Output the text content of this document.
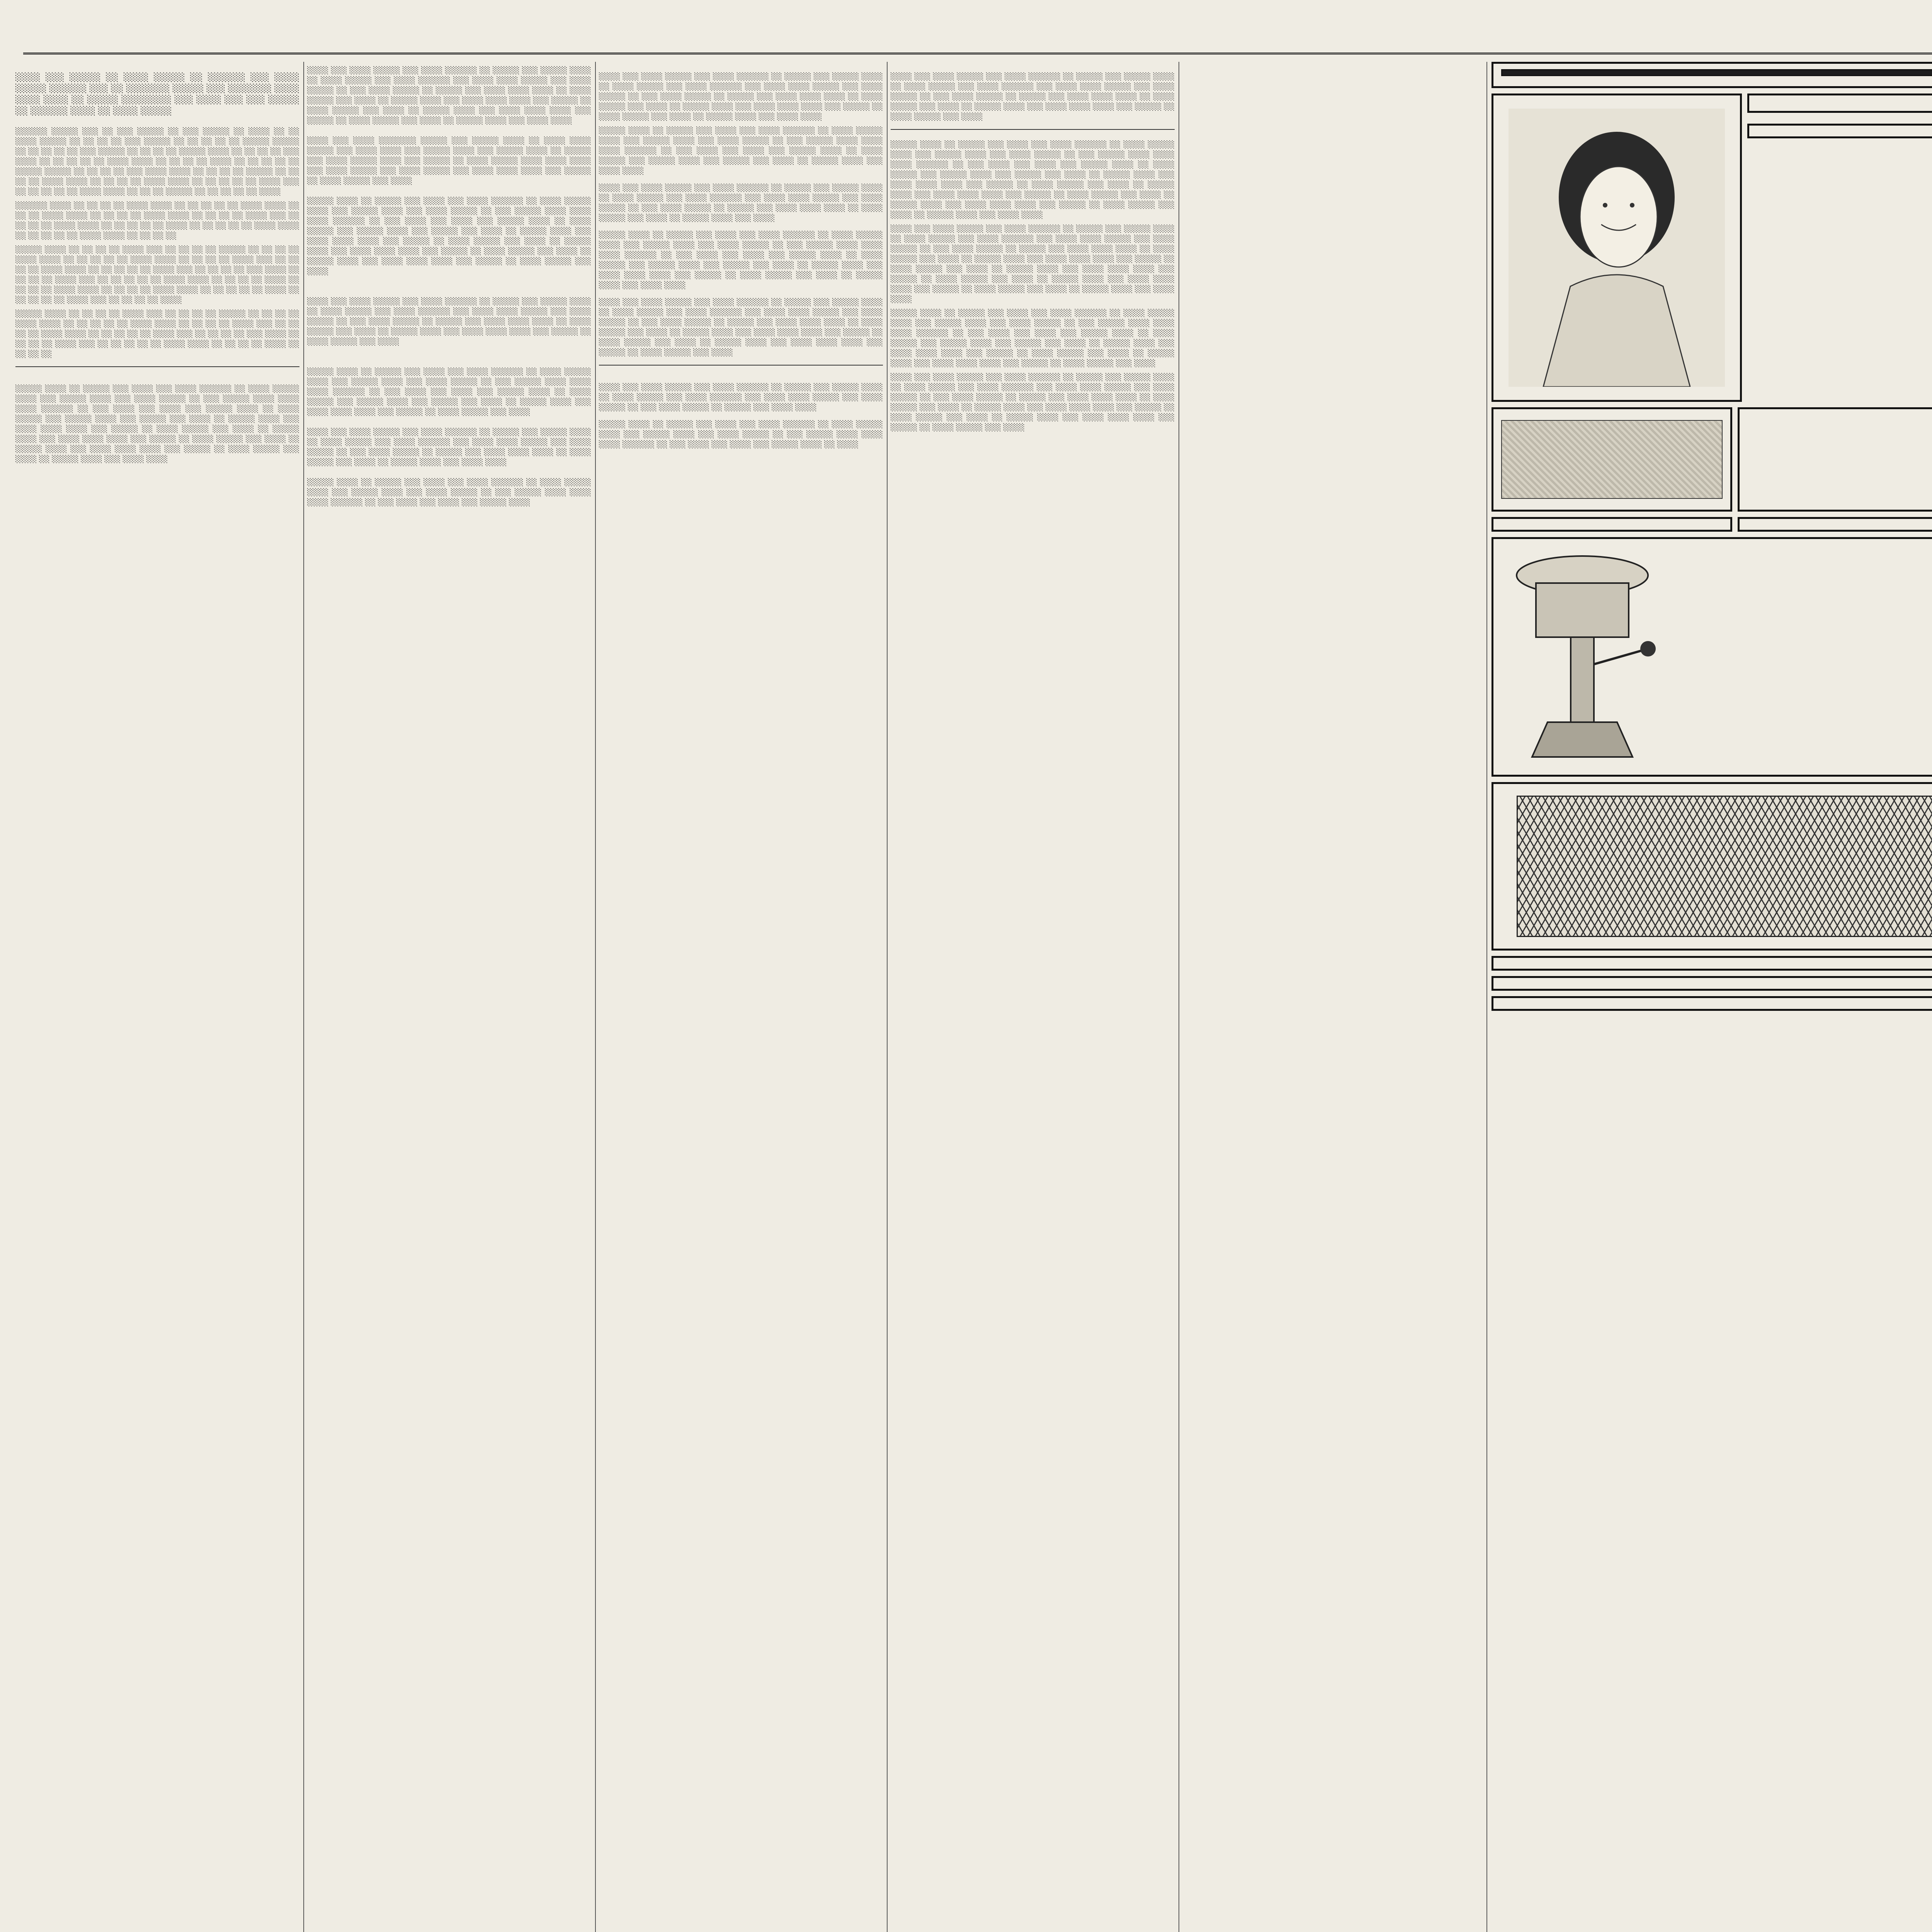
░░░░ ░░░ ░░░░░ ░░ ░░░░ ░░░░░ ░░ ░░░░░░ ░░░ ░░░░ ░░░░░ ░░░░░░ ░░░ ░░ ░░░░░░░ ░░░░░ ░░░ ░░░░░░░ ░░░░ ░░░░ ░░░░ ░░ ░░░░░ ░░░░░░░░ ░░░ ░░░░ ░░░ ░░░ ░░░░░ ░░ ░░░░░░ ░░░░ ░░ ░░░░ ░░░░░

░░░░░░ ░░░░░ ░░░ ░░ ░░░ ░░░░░ ░░ ░░░ ░░░░░ ░░ ░░░░ ░░ ░░ ░░░░ ░░░░░ ░░ ░░ ░░ ░░ ░░░ ░░░░░ ░░ ░░ ░░ ░░ ░░ ░░░░░ ░░░░░ ░░ ░░ ░░ ░░ ░░ ░░░ ░░░░░ ░░ ░░ ░░ ░░ ░░░░░ ░░░░ ░░ ░░ ░░ ░░ ░░░ ░░░░ ░░ ░░ ░░ ░░ ░░ ░░░░ ░░░░ ░░ ░░ ░░ ░░ ░░░░ ░░ ░░ ░░ ░░ ░░ ░░░░░ ░░░░░ ░░ ░░ ░░ ░░ ░░░ ░░░░ ░░░░ ░░ ░░ ░░ ░░ ░░░░░ ░░ ░░ ░░ ░░ ░░░░ ░░░░ ░░ ░░ ░░ ░░ ░░░░ ░░░░ ░░ ░░ ░░ ░░ ░░ ░░░░ ░░░ ░░ ░░ ░░ ░░ ░░ ░░░░ ░░░░ ░░ ░░ ░░ ░░░░░ ░░ ░░ ░░ ░░ ░░ ░░░░

░░░░░░ ░░░░ ░░ ░░ ░░ ░░ ░░░░ ░░░░ ░░ ░░ ░░ ░░ ░░ ░░░░ ░░░░ ░░ ░░ ░░ ░░░░ ░░░░ ░░ ░░ ░░ ░░ ░░░░ ░░░░ ░░ ░░ ░░ ░░ ░░░░ ░░░ ░░ ░░ ░░ ░░ ░░░░ ░░░░ ░░ ░░ ░░ ░░ ░░ ░░░░ ░░ ░░ ░░ ░░ ░░ ░░░░ ░░░░ ░░ ░░ ░░ ░░ ░░ ░░░░ ░░░░ ░░ ░░ ░░ ░░

░░░░░ ░░░░ ░░ ░░ ░░ ░░ ░░░░ ░░░ ░░ ░░ ░░ ░░ ░░░░░ ░░ ░░ ░░ ░░ ░░░░ ░░░░ ░░ ░░ ░░ ░░ ░░ ░░░░ ░░░░ ░░ ░░ ░░ ░░ ░░░░ ░░░ ░░ ░░ ░░ ░░ ░░░░ ░░░░ ░░ ░░ ░░ ░░ ░░ ░░░░ ░░░ ░░ ░░ ░░ ░░ ░░░ ░░░░ ░░ ░░ ░░ ░░ ░░░░ ░░░ ░░ ░░ ░░ ░░ ░░ ░░░░ ░░░░ ░░ ░░ ░░ ░░ ░░░░ ░░ ░░ ░░ ░░ ░░░░ ░░░░ ░░ ░░ ░░ ░░ ░░░░ ░░░░ ░░ ░░ ░░ ░░ ░░ ░░░░ ░░ ░░ ░░ ░░ ░░ ░░░░ ░░░ ░░ ░░ ░░ ░░ ░░░░

░░░░░ ░░░░ ░░ ░░ ░░ ░░ ░░░░ ░░░ ░░ ░░ ░░ ░░ ░░░░░ ░░ ░░ ░░ ░░ ░░░░ ░░░░ ░░ ░░ ░░ ░░ ░░ ░░░░ ░░░░ ░░ ░░ ░░ ░░ ░░░░ ░░░ ░░ ░░ ░░ ░░ ░░░░ ░░░░ ░░ ░░ ░░ ░░ ░░ ░░░░ ░░░ ░░ ░░ ░░ ░░ ░░░ ░░░░ ░░ ░░ ░░ ░░ ░░░░ ░░░ ░░ ░░ ░░ ░░ ░░ ░░░░ ░░░░ ░░ ░░ ░░ ░░ ░░░░ ░░ ░░ ░░ ░░

░░░░░ ░░░░ ░░ ░░░░░ ░░░ ░░░░ ░░░ ░░░░ ░░░░░░ ░░ ░░░░ ░░░░░ ░░░░ ░░░ ░░░░░ ░░░░ ░░░ ░░░░ ░░░░░ ░░ ░░░ ░░░░░ ░░░░ ░░░░ ░░░░ ░░░░░░ ░░ ░░░ ░░░░ ░░░ ░░░░ ░░░ ░░░░░ ░░░░ ░░ ░░░░ ░░░░░ ░░░ ░░░░░ ░░░░ ░░░ ░░░░░ ░░░ ░░░░ ░░ ░░░░░ ░░░░ ░░░ ░░░░ ░░░░ ░░░░ ░░░ ░░░░░ ░░ ░░░░ ░░░░░ ░░░ ░░░░ ░░ ░░░░░ ░░░░ ░░░ ░░░░ ░░░░ ░░░░ ░░░ ░░░░░ ░░ ░░░░ ░░░░░ ░░░ ░░░░ ░░ ░░░░░ ░░░░ ░░░ ░░░░ ░░░░ ░░░░ ░░░ ░░░░░ ░░ ░░░░ ░░░░░ ░░░ ░░░░ ░░ ░░░░░ ░░░░ ░░░ ░░░░ ░░░░

░░░░ ░░░ ░░░░ ░░░░░ ░░░ ░░░░ ░░░░░░ ░░ ░░░░░ ░░░ ░░░░░ ░░░░ ░░ ░░░░ ░░░░░ ░░░ ░░░░ ░░░░░░ ░░░ ░░░░ ░░░░ ░░░░░ ░░░ ░░░░ ░░░░░ ░░ ░░░ ░░░░ ░░░░░ ░░ ░░░░░ ░░░ ░░░░ ░░░░ ░░░░ ░░ ░░░░ ░░░░░ ░░░ ░░░░ ░░ ░░░░░ ░░░░ ░░░ ░░░░ ░░░░ ░░░░ ░░░ ░░░░░ ░░ ░░░░ ░░░░░ ░░░ ░░░░ ░░ ░░░░░ ░░░░ ░░░ ░░░░ ░░░░ ░░░░ ░░░ ░░░░░ ░░ ░░░░ ░░░░░ ░░░ ░░░░ ░░ ░░░░░ ░░░░ ░░░ ░░░░ ░░░░

░░░░ ░░░ ░░░░ ░░░░░░░ ░░░░░ ░░░ ░░░░░ ░░░░ ░░ ░░░░ ░░░░ ░░░░░ ░░░ ░░░░ ░░░░ ░░░ ░░░░░ ░░░░ ░░░ ░░░░░ ░░░░ ░░ ░░░░░ ░░░ ░░░░ ░░░░░ ░░░░ ░░░ ░░░░░ ░░ ░░░░ ░░░░░ ░░░░ ░░░░ ░░░░ ░░░ ░░░░ ░░░░░ ░░░ ░░░░ ░░░░░ ░░░ ░░░░ ░░░░ ░░░░ ░░░ ░░░░░ ░░ ░░░░ ░░░░░ ░░░ ░░░░

░░░░░ ░░░░ ░░ ░░░░░ ░░░ ░░░░ ░░░ ░░░░ ░░░░░░ ░░ ░░░░ ░░░░░ ░░░░ ░░░ ░░░░░ ░░░░ ░░░ ░░░░ ░░░░░ ░░ ░░░ ░░░░░ ░░░░ ░░░░ ░░░░ ░░░░░░ ░░ ░░░ ░░░░ ░░░ ░░░░ ░░░ ░░░░░ ░░░░ ░░ ░░░░ ░░░░░ ░░░ ░░░░░ ░░░░ ░░░ ░░░░░ ░░░ ░░░░ ░░ ░░░░░ ░░░░ ░░░ ░░░░ ░░░░ ░░░░ ░░░ ░░░░░ ░░ ░░░░ ░░░░░ ░░░ ░░░░ ░░ ░░░░░ ░░░░ ░░░ ░░░░ ░░░░ ░░░░ ░░░ ░░░░░ ░░ ░░░░ ░░░░░ ░░░ ░░░░ ░░ ░░░░░ ░░░░ ░░░ ░░░░ ░░░░ ░░░░ ░░░ ░░░░░ ░░ ░░░░ ░░░░░ ░░░ ░░░░

░░░░ ░░░ ░░░░ ░░░░░ ░░░ ░░░░ ░░░░░░ ░░ ░░░░░ ░░░ ░░░░░ ░░░░ ░░ ░░░░ ░░░░░ ░░░ ░░░░ ░░░░░░ ░░░ ░░░░ ░░░░ ░░░░░ ░░░ ░░░░ ░░░░░ ░░ ░░░ ░░░░ ░░░░░ ░░ ░░░░░ ░░░ ░░░░ ░░░░ ░░░░ ░░ ░░░░ ░░░░░ ░░░ ░░░░ ░░ ░░░░░ ░░░░ ░░░ ░░░░ ░░░░ ░░░░ ░░░ ░░░░░ ░░ ░░░░ ░░░░░ ░░░ ░░░░

░░░░░ ░░░░ ░░ ░░░░░ ░░░ ░░░░ ░░░ ░░░░ ░░░░░░ ░░ ░░░░ ░░░░░ ░░░░ ░░░ ░░░░░ ░░░░ ░░░ ░░░░ ░░░░░ ░░ ░░░ ░░░░░ ░░░░ ░░░░ ░░░░ ░░░░░░ ░░ ░░░ ░░░░ ░░░ ░░░░ ░░░ ░░░░░ ░░░░ ░░ ░░░░ ░░░░░ ░░░ ░░░░░ ░░░░ ░░░ ░░░░░ ░░░ ░░░░ ░░ ░░░░░ ░░░░ ░░░ ░░░░ ░░░░ ░░░░ ░░░ ░░░░░ ░░ ░░░░ ░░░░░ ░░░ ░░░░

░░░░ ░░░ ░░░░ ░░░░░ ░░░ ░░░░ ░░░░░░ ░░ ░░░░░ ░░░ ░░░░░ ░░░░ ░░ ░░░░ ░░░░░ ░░░ ░░░░ ░░░░░░ ░░░ ░░░░ ░░░░ ░░░░░ ░░░ ░░░░ ░░░░░ ░░ ░░░ ░░░░ ░░░░░ ░░ ░░░░░ ░░░ ░░░░ ░░░░ ░░░░ ░░ ░░░░ ░░░░░ ░░░ ░░░░ ░░ ░░░░░ ░░░░ ░░░ ░░░░ ░░░░

░░░░░ ░░░░ ░░ ░░░░░ ░░░ ░░░░ ░░░ ░░░░ ░░░░░░ ░░ ░░░░ ░░░░░ ░░░░ ░░░ ░░░░░ ░░░░ ░░░ ░░░░ ░░░░░ ░░ ░░░ ░░░░░ ░░░░ ░░░░ ░░░░ ░░░░░░ ░░ ░░░ ░░░░ ░░░ ░░░░ ░░░ ░░░░░ ░░░░

░░░░ ░░░ ░░░░ ░░░░░ ░░░ ░░░░ ░░░░░░ ░░ ░░░░░ ░░░ ░░░░░ ░░░░ ░░ ░░░░ ░░░░░ ░░░ ░░░░ ░░░░░░ ░░░ ░░░░ ░░░░ ░░░░░ ░░░ ░░░░ ░░░░░ ░░ ░░░ ░░░░ ░░░░░ ░░ ░░░░░ ░░░ ░░░░ ░░░░ ░░░░ ░░ ░░░░ ░░░░░ ░░░ ░░░░ ░░ ░░░░░ ░░░░ ░░░ ░░░░ ░░░░ ░░░░ ░░░ ░░░░░ ░░ ░░░░ ░░░░░ ░░░ ░░░░ ░░ ░░░░░ ░░░░ ░░░ ░░░░ ░░░░

░░░░░ ░░░░ ░░ ░░░░░ ░░░ ░░░░ ░░░ ░░░░ ░░░░░░ ░░ ░░░░ ░░░░░ ░░░░ ░░░ ░░░░░ ░░░░ ░░░ ░░░░ ░░░░░ ░░ ░░░ ░░░░░ ░░░░ ░░░░ ░░░░ ░░░░░░ ░░ ░░░ ░░░░ ░░░ ░░░░ ░░░ ░░░░░ ░░░░ ░░ ░░░░ ░░░░░ ░░░ ░░░░░ ░░░░ ░░░ ░░░░░ ░░░ ░░░░ ░░ ░░░░░ ░░░░ ░░░ ░░░░ ░░░░

░░░░ ░░░ ░░░░ ░░░░░ ░░░ ░░░░ ░░░░░░ ░░ ░░░░░ ░░░ ░░░░░ ░░░░ ░░ ░░░░ ░░░░░ ░░░ ░░░░ ░░░░░░ ░░░ ░░░░ ░░░░ ░░░░░ ░░░ ░░░░ ░░░░░ ░░ ░░░ ░░░░ ░░░░░ ░░ ░░░░░ ░░░ ░░░░ ░░░░ ░░░░ ░░ ░░░░ ░░░░░ ░░░ ░░░░ ░░ ░░░░░ ░░░░ ░░░ ░░░░

░░░░░ ░░░░ ░░ ░░░░░ ░░░ ░░░░ ░░░ ░░░░ ░░░░░░ ░░ ░░░░ ░░░░░ ░░░░ ░░░ ░░░░░ ░░░░ ░░░ ░░░░ ░░░░░ ░░ ░░░ ░░░░░ ░░░░ ░░░░ ░░░░ ░░░░░░ ░░ ░░░ ░░░░ ░░░ ░░░░ ░░░ ░░░░░ ░░░░ ░░ ░░░░ ░░░░░ ░░░ ░░░░░ ░░░░ ░░░ ░░░░░ ░░░ ░░░░ ░░ ░░░░░ ░░░░ ░░░ ░░░░ ░░░░ ░░░░ ░░░ ░░░░░ ░░ ░░░░ ░░░░░ ░░░ ░░░░ ░░ ░░░░░ ░░░░ ░░░ ░░░░ ░░░░

░░░░ ░░░ ░░░░ ░░░░░ ░░░ ░░░░ ░░░░░░ ░░ ░░░░░ ░░░ ░░░░░ ░░░░ ░░ ░░░░ ░░░░░ ░░░ ░░░░ ░░░░░░ ░░░ ░░░░ ░░░░ ░░░░░ ░░░ ░░░░ ░░░░░ ░░ ░░░ ░░░░ ░░░░░ ░░ ░░░░░ ░░░ ░░░░ ░░░░ ░░░░ ░░ ░░░░ ░░░░░ ░░░ ░░░░ ░░ ░░░░░ ░░░░ ░░░ ░░░░ ░░░░ ░░░░ ░░░ ░░░░░ ░░ ░░░░ ░░░░░ ░░░ ░░░░ ░░ ░░░░░ ░░░░ ░░░ ░░░░ ░░░░ ░░░░ ░░░ ░░░░░ ░░ ░░░░ ░░░░░ ░░░ ░░░░

░░░░ ░░░ ░░░░ ░░░░░ ░░░ ░░░░ ░░░░░░ ░░ ░░░░░ ░░░ ░░░░░ ░░░░ ░░ ░░░░ ░░░░░ ░░░ ░░░░ ░░░░░░ ░░░ ░░░░ ░░░░ ░░░░░ ░░░ ░░░░ ░░░░░ ░░ ░░░ ░░░░ ░░░░░ ░░ ░░░░░ ░░░ ░░░░ ░░░░

░░░░░ ░░░░ ░░ ░░░░░ ░░░ ░░░░ ░░░ ░░░░ ░░░░░░ ░░ ░░░░ ░░░░░ ░░░░ ░░░ ░░░░░ ░░░░ ░░░ ░░░░ ░░░░░ ░░ ░░░ ░░░░░ ░░░░ ░░░░ ░░░░ ░░░░░░ ░░ ░░░ ░░░░ ░░░ ░░░░ ░░░ ░░░░░ ░░░░ ░░ ░░░░

░░░░ ░░░ ░░░░ ░░░░░ ░░░ ░░░░ ░░░░░░ ░░ ░░░░░ ░░░ ░░░░░ ░░░░ ░░ ░░░░ ░░░░░ ░░░ ░░░░ ░░░░░░ ░░░ ░░░░ ░░░░ ░░░░░ ░░░ ░░░░ ░░░░░ ░░ ░░░ ░░░░ ░░░░░ ░░ ░░░░░ ░░░ ░░░░ ░░░░ ░░░░ ░░ ░░░░ ░░░░░ ░░░ ░░░░ ░░ ░░░░░ ░░░░ ░░░ ░░░░ ░░░░ ░░░░ ░░░ ░░░░░ ░░ ░░░░ ░░░░░ ░░░ ░░░░

░░░░░ ░░░░ ░░ ░░░░░ ░░░ ░░░░ ░░░ ░░░░ ░░░░░░ ░░ ░░░░ ░░░░░ ░░░░ ░░░ ░░░░░ ░░░░ ░░░ ░░░░ ░░░░░ ░░ ░░░ ░░░░░ ░░░░ ░░░░ ░░░░ ░░░░░░ ░░ ░░░ ░░░░ ░░░ ░░░░ ░░░ ░░░░░ ░░░░ ░░ ░░░░ ░░░░░ ░░░ ░░░░░ ░░░░ ░░░ ░░░░░ ░░░ ░░░░ ░░ ░░░░░ ░░░░ ░░░ ░░░░ ░░░░ ░░░░ ░░░ ░░░░░ ░░ ░░░░ ░░░░░ ░░░ ░░░░ ░░ ░░░░░ ░░░░ ░░░ ░░░░ ░░░░ ░░░░ ░░░ ░░░░░ ░░ ░░░░ ░░░░░ ░░░ ░░░░ ░░ ░░░░░ ░░░░ ░░░ ░░░░ ░░░░ ░░░░ ░░░ ░░░░░ ░░ ░░░░ ░░░░░ ░░░ ░░░░ ░░ ░░░░░ ░░░░ ░░░ ░░░░ ░░░░

░░░░ ░░░ ░░░░ ░░░░░ ░░░ ░░░░ ░░░░░░ ░░ ░░░░░ ░░░ ░░░░░ ░░░░ ░░ ░░░░ ░░░░░ ░░░ ░░░░ ░░░░░░ ░░░ ░░░░ ░░░░ ░░░░░ ░░░ ░░░░ ░░░░░ ░░ ░░░ ░░░░ ░░░░░ ░░ ░░░░░ ░░░ ░░░░ ░░░░ ░░░░ ░░ ░░░░ ░░░░░ ░░░ ░░░░ ░░ ░░░░░ ░░░░ ░░░ ░░░░ ░░░░ ░░░░ ░░░ ░░░░░ ░░ ░░░░ ░░░░░ ░░░ ░░░░ ░░ ░░░░░ ░░░░ ░░░ ░░░░ ░░░░ ░░░░ ░░░ ░░░░░ ░░ ░░░░ ░░░░░ ░░░ ░░░░ ░░ ░░░░░ ░░░░ ░░░ ░░░░ ░░░░ ░░░░ ░░░ ░░░░░ ░░ ░░░░ ░░░░░ ░░░ ░░░░ ░░ ░░░░░ ░░░░ ░░░ ░░░░ ░░░░

░░░░░ ░░░░ ░░ ░░░░░ ░░░ ░░░░ ░░░ ░░░░ ░░░░░░ ░░ ░░░░ ░░░░░ ░░░░ ░░░ ░░░░░ ░░░░ ░░░ ░░░░ ░░░░░ ░░ ░░░ ░░░░░ ░░░░ ░░░░ ░░░░ ░░░░░░ ░░ ░░░ ░░░░ ░░░ ░░░░ ░░░ ░░░░░ ░░░░ ░░ ░░░░ ░░░░░ ░░░ ░░░░░ ░░░░ ░░░ ░░░░░ ░░░ ░░░░ ░░ ░░░░░ ░░░░ ░░░ ░░░░ ░░░░ ░░░░ ░░░ ░░░░░ ░░ ░░░░ ░░░░░ ░░░ ░░░░ ░░ ░░░░░ ░░░░ ░░░ ░░░░ ░░░░ ░░░░ ░░░ ░░░░░ ░░ ░░░░ ░░░░░ ░░░ ░░░░

░░░░ ░░░ ░░░░ ░░░░░ ░░░ ░░░░ ░░░░░░ ░░ ░░░░░ ░░░ ░░░░░ ░░░░ ░░ ░░░░ ░░░░░ ░░░ ░░░░ ░░░░░░ ░░░ ░░░░ ░░░░ ░░░░░ ░░░ ░░░░ ░░░░░ ░░ ░░░ ░░░░ ░░░░░ ░░ ░░░░░ ░░░ ░░░░ ░░░░ ░░░░ ░░ ░░░░ ░░░░░ ░░░ ░░░░ ░░ ░░░░░ ░░░░ ░░░ ░░░░ ░░░░ ░░░░ ░░░ ░░░░░ ░░ ░░░░ ░░░░░ ░░░ ░░░░ ░░ ░░░░░ ░░░░ ░░░ ░░░░ ░░░░ ░░░░ ░░░ ░░░░░ ░░ ░░░░ ░░░░░ ░░░ ░░░░
